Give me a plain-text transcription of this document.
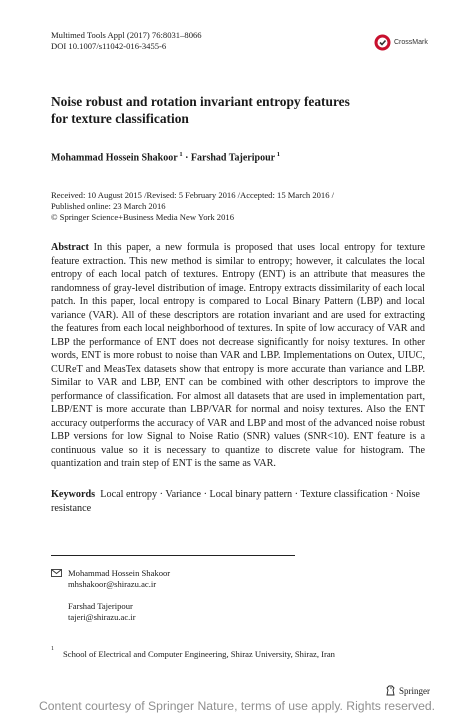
Multimed Tools Appl (2017) 76:8031–8066
DOI 10.1007/s11042-016-3455-6	CrossMark
Noise robust and rotation invariant entropy features
for texture classification
Mohammad Hossein Shakoor $^1$ · Farshad Tajeripour $^1$
Received: 10 August 2015 /Revised: 5 February 2016 /Accepted: 15 March 2016 /
Published online: 23 March 2016
© Springer Science+Business Media New York 2016
Abstract In this paper, a new formula is proposed that uses local entropy for texture feature extraction. This new method is similar to entropy; however, it calculates the local entropy of each local patch of textures. Entropy (ENT) is an attribute that measures the randomness of gray-level distribution of image. Entropy extracts dissimilarity of each local patch. In this paper, local entropy is compared to Local Binary Pattern (LBP) and local variance (VAR). All of these descriptors are rotation invariant and are used for extracting the features from each local neighborhood of textures. In spite of low accuracy of VAR and LBP the performance of ENT does not decrease significantly for noisy textures. In other words, ENT is more robust to noise than VAR and LBP. Implementations on Outex, UIUC, CUReT and MeasTex datasets show that entropy is more accurate than variance and LBP. Similar to VAR and LBP, ENT can be combined with other descriptors to improve the performance of classification. For almost all datasets that are used in implementation part, LBP/ENT is more accurate than LBP/VAR for normal and noisy textures. Also the ENT accuracy outperforms the accuracy of VAR and LBP and most of the advanced noise robust LBP versions for low Signal to Noise Ratio (SNR) values (SNR<10). ENT feature is a continuous value so it is necessary to quantize to discrete value for histogram. The quantization and train step of ENT is the same as VAR.
Keywords Local entropy · Variance · Local binary pattern · Texture classification · Noise resistance
Mohammad Hossein Shakoor
mhshakoor@shirazu.ac.ir
Farshad Tajeripour
tajeri@shirazu.ac.ir
$^1$ School of Electrical and Computer Engineering, Shiraz University, Shiraz, Iran
Springer
Content courtesy of Springer Nature, terms of use apply. Rights reserved.
